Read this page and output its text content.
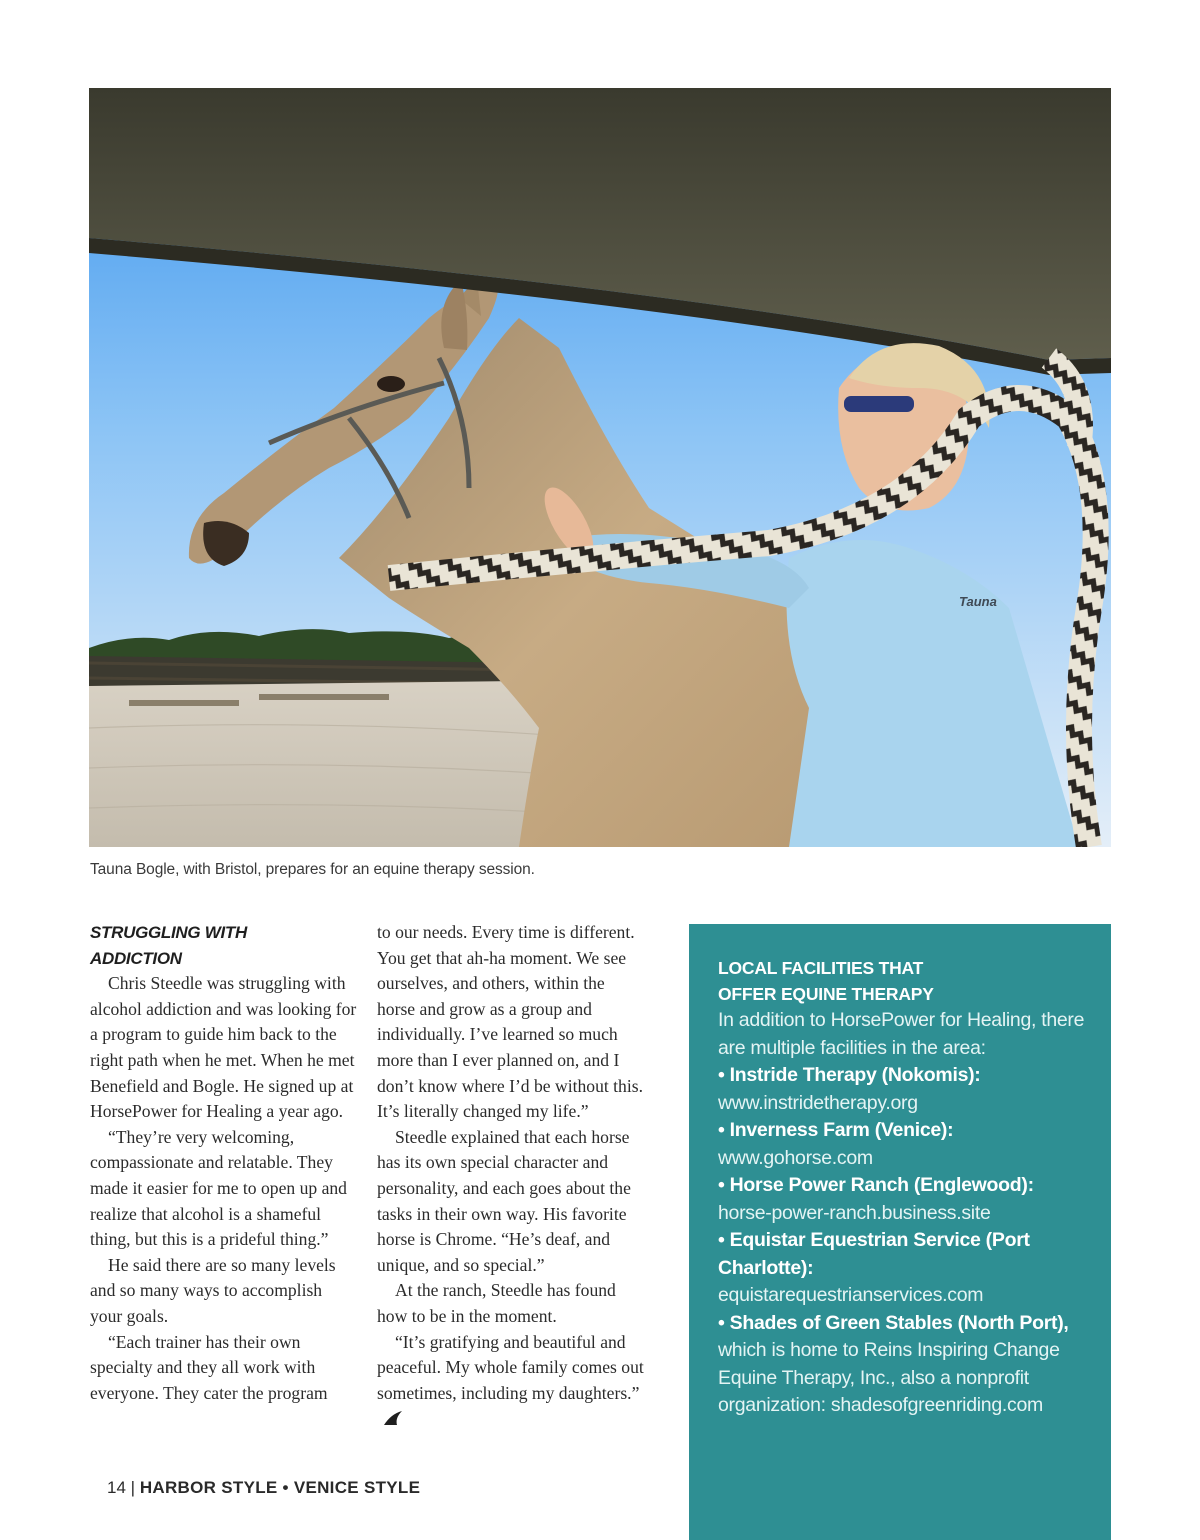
Tauna
Tauna Bogle, with Bristol, prepares for an equine therapy session.

STRUGGLING WITH
ADDICTION

Chris Steedle was struggling with alcohol addiction and was looking for a program to guide him back to the right path when he met. When he met Benefield and Bogle. He signed up at HorsePower for Healing a year ago.

“They’re very welcoming, compassionate and relatable. They made it easier for me to open up and realize that alcohol is a shameful thing, but this is a prideful thing.”

He said there are so many levels and so many ways to accomplish your goals.

“Each trainer has their own specialty and they all work with everyone. They cater the program

to our needs. Every time is different. You get that ah-ha moment. We see ourselves, and others, within the horse and grow as a group and individually. I’ve learned so much more than I ever planned on, and I don’t know where I’d be without this. It’s literally changed my life.”

Steedle explained that each horse has its own special character and personality, and each goes about the tasks in their own way. His favorite horse is Chrome. “He’s deaf, and unique, and so special.”

At the ranch, Steedle has found how to be in the moment.

“It’s gratifying and beautiful and peaceful. My whole family comes out sometimes, including my daughters.”

LOCAL FACILITIES THAT
OFFER EQUINE THERAPY
In addition to HorsePower for Healing, there are multiple facilities in the area:
• Instride Therapy (Nokomis):
www.instridetherapy.org
• Inverness Farm (Venice):
www.gohorse.com
• Horse Power Ranch (Englewood):
horse-power-ranch.business.site
• Equistar Equestrian Service (Port Charlotte):
equistarequestrianservices.com
• Shades of Green Stables (North Port),
which is home to Reins Inspiring Change Equine Therapy, Inc., also a nonprofit organization: shadesofgreenriding.com
14 | HARBOR STYLE • VENICE STYLE
